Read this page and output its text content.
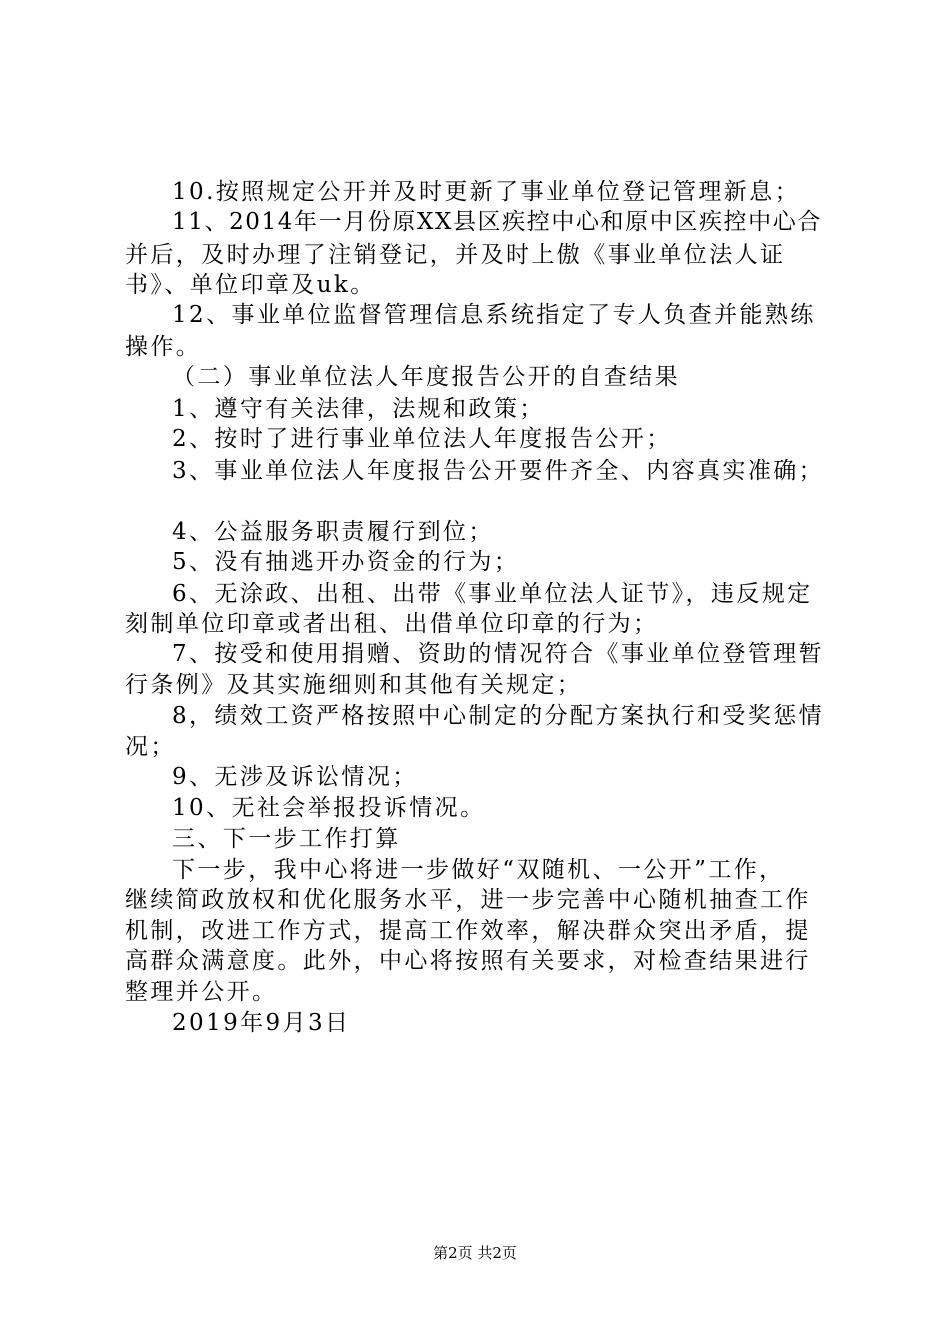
10.按照规定公开并及时更新了事业单位登记管理新息；
11、2014年一月份原XX县区疾控中心和原中区疾控中心合
并后，及时办理了注销登记，并及时上傲《事业单位法人证
书》、单位印章及uk。
12、事业单位监督管理信息系统指定了专人负查并能熟练
操作。
（二）事业单位法人年度报告公开的自查结果
1、遵守有关法律，法规和政策；
2、按时了进行事业单位法人年度报告公开；
3、事业单位法人年度报告公开要件齐全、内容真实准确；
4、公益服务职责履行到位；
5、没有抽逃开办资金的行为；
6、无涂政、出租、出带《事业单位法人证节》，违反规定
刻制单位印章或者出租、出借单位印章的行为；
7、按受和使用捐赠、资助的情况符合《事业单位登管理暂
行条例》及其实施细则和其他有关规定；
8，绩效工资严格按照中心制定的分配方案执行和受奖惩情
况；
9、无涉及诉讼情况；
10、无社会举报投诉情况。
三、下一步工作打算
下一步，我中心将进一步做好“双随机、一公开”工作，
继续简政放权和优化服务水平，进一步完善中心随机抽查工作
机制，改进工作方式，提高工作效率，解决群众突出矛盾，提
高群众满意度。此外，中心将按照有关要求，对检查结果进行
整理并公开。
2019年9月3日
第2页 共2页
